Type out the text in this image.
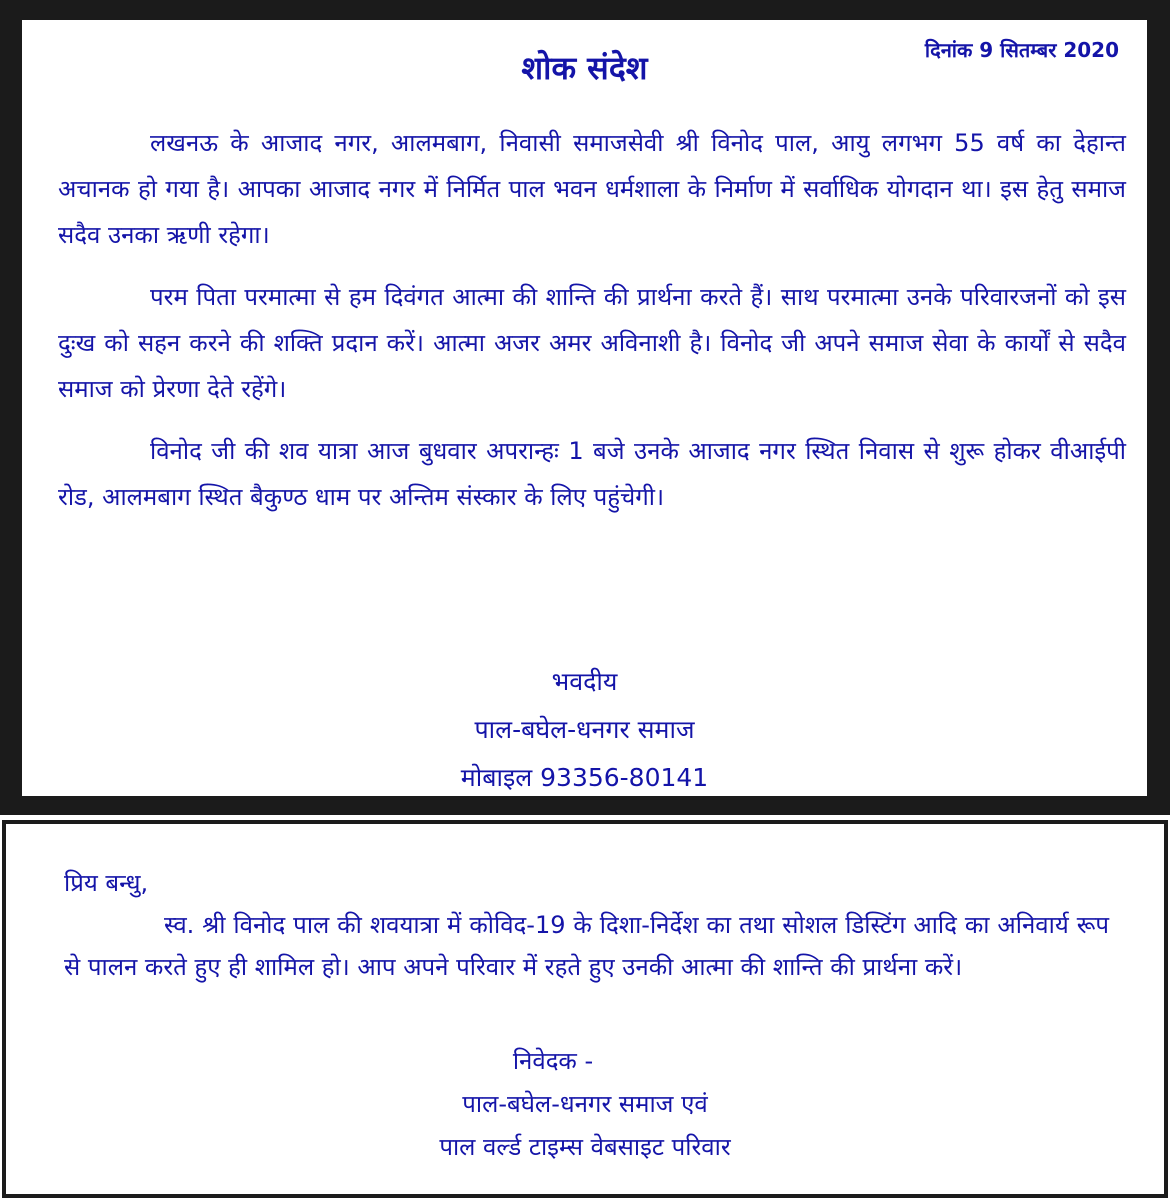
शोक संदेश	दिनांक 9 सितम्बर 2020

लखनऊ के आजाद नगर, आलमबाग, निवासी समाजसेवी श्री विनोद पाल, आयु लगभग 55 वर्ष का देहान्त अचानक हो गया है। आपका आजाद नगर में निर्मित पाल भवन धर्मशाला के निर्माण में सर्वाधिक योगदान था। इस हेतु समाज सदैव उनका ऋणी रहेगा।

परम पिता परमात्मा से हम दिवंगत आत्मा की शान्ति की प्रार्थना करते हैं। साथ परमात्मा उनके परिवारजनों को इस दुःख को सहन करने की शक्ति प्रदान करें। आत्मा अजर अमर अविनाशी है। विनोद जी अपने समाज सेवा के कार्यों से सदैव समाज को प्रेरणा देते रहेंगे।

विनोद जी की शव यात्रा आज बुधवार अपरान्हः 1 बजे उनके आजाद नगर स्थित निवास से शुरू होकर वीआईपी रोड, आलमबाग स्थित बैकुण्ठ धाम पर अन्तिम संस्कार के लिए पहुंचेगी।

भवदीय
पाल-बघेल-धनगर समाज
मोबाइल 93356-80141

प्रिय बन्धु,

स्व. श्री विनोद पाल की शवयात्रा में कोविद-19 के दिशा-निर्देश का तथा सोशल डिस्टिंग आदि का अनिवार्य रूप से पालन करते हुए ही शामिल हो। आप अपने परिवार में रहते हुए उनकी आत्मा की शान्ति की प्रार्थना करें।

निवेदक -
पाल-बघेल-धनगर समाज एवं
पाल वर्ल्ड टाइम्स वेबसाइट परिवार
